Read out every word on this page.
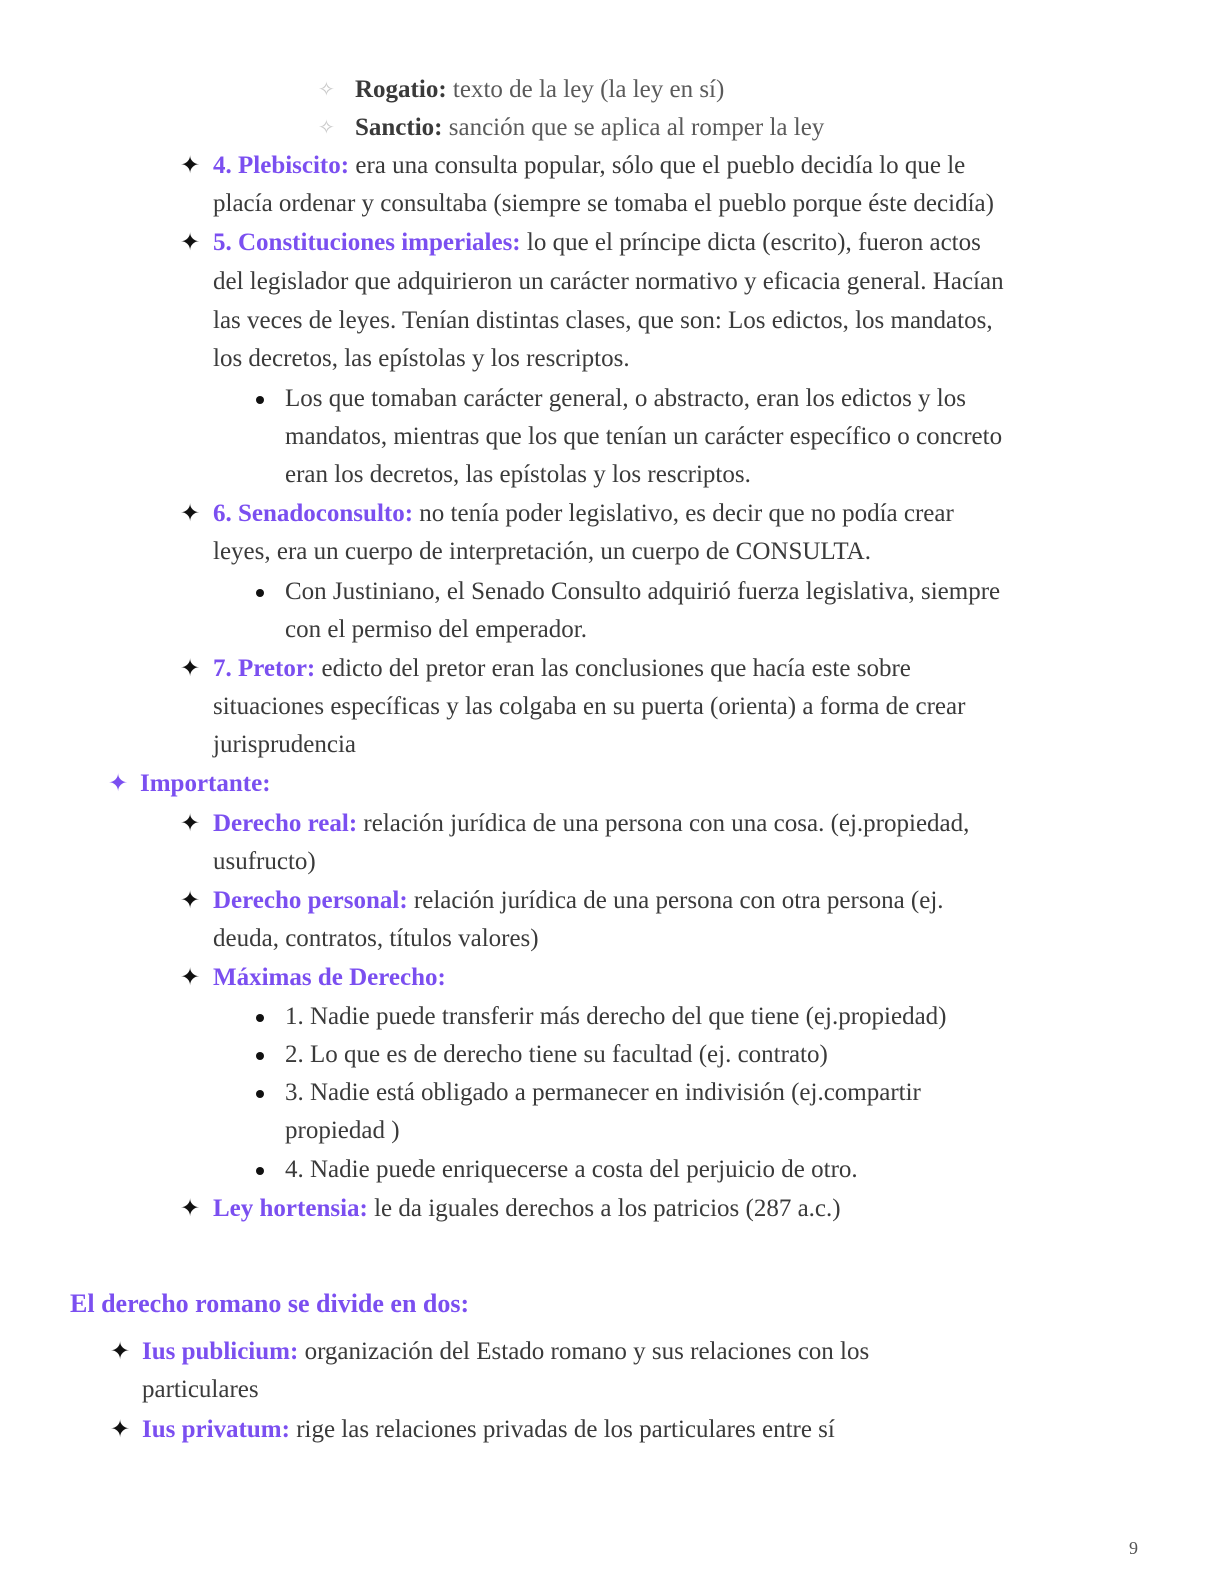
✧ Rogatio: texto de la ley (la ley en sí)
✧ Sanctio: sanción que se aplica al romper la ley
✦ 4. Plebiscito: era una consulta popular, sólo que el pueblo decidía lo que le
placía ordenar y consultaba (siempre se tomaba el pueblo porque éste decidía)
✦ 5. Constituciones imperiales: lo que el príncipe dicta (escrito), fueron actos
del legislador que adquirieron un carácter normativo y eficacia general. Hacían
las veces de leyes. Tenían distintas clases, que son: Los edictos, los mandatos,
los decretos, las epístolas y los rescriptos.
Los que tomaban carácter general, o abstracto, eran los edictos y los
mandatos, mientras que los que tenían un carácter específico o concreto
eran los decretos, las epístolas y los rescriptos.
✦ 6. Senadoconsulto: no tenía poder legislativo, es decir que no podía crear
leyes, era un cuerpo de interpretación, un cuerpo de CONSULTA.
Con Justiniano, el Senado Consulto adquirió fuerza legislativa, siempre
con el permiso del emperador.
✦ 7. Pretor: edicto del pretor eran las conclusiones que hacía este sobre
situaciones específicas y las colgaba en su puerta (orienta) a forma de crear
jurisprudencia
✦ Importante:
✦ Derecho real: relación jurídica de una persona con una cosa. (ej.propiedad,
usufructo)
✦ Derecho personal: relación jurídica de una persona con otra persona (ej.
deuda, contratos, títulos valores)
✦ Máximas de Derecho:
1. Nadie puede transferir más derecho del que tiene (ej.propiedad)
2. Lo que es de derecho tiene su facultad (ej. contrato)
3. Nadie está obligado a permanecer en indivisión (ej.compartir
propiedad )
4. Nadie puede enriquecerse a costa del perjuicio de otro.
✦ Ley hortensia: le da iguales derechos a los patricios (287 a.c.)
El derecho romano se divide en dos:
✦ Ius publicium: organización del Estado romano y sus relaciones con los
particulares
✦ Ius privatum: rige las relaciones privadas de los particulares entre sí
9
